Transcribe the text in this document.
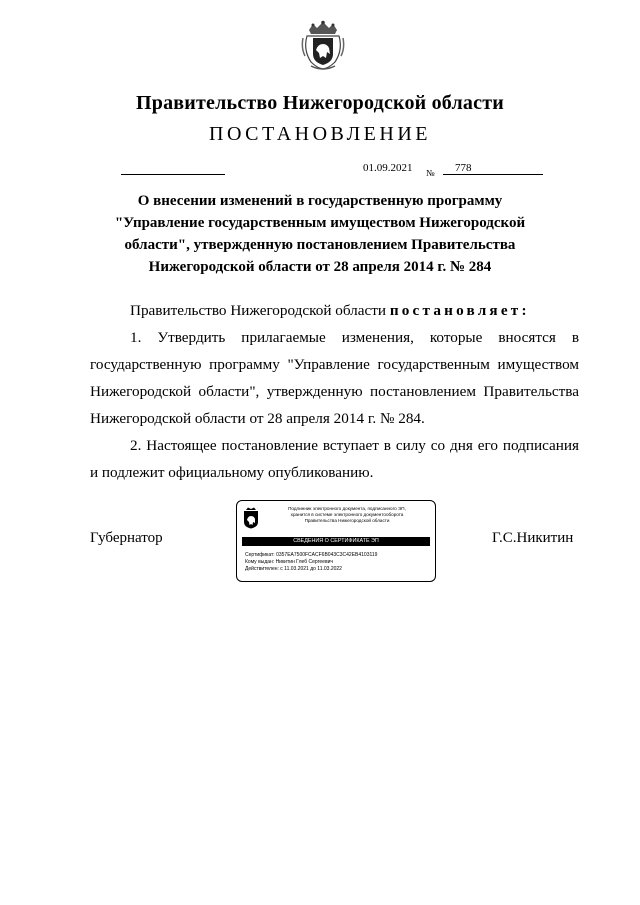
Правительство Нижегородской области
ПОСТАНОВЛЕНИЕ
01.09.2021 № 778
О внесении изменений в государственную программу
"Управление государственным имуществом Нижегородской
области", утвержденную постановлением Правительства
Нижегородской области от 28 апреля 2014 г. № 284

Правительство Нижегородской области постановляет:

1. Утвердить прилагаемые изменения, которые вносятся в государственную программу "Управление государственным имуществом Нижегородской области", утвержденную постановлением Правительства Нижегородской области от 28 апреля 2014 г. № 284.

2. Настоящее постановление вступает в силу со дня его подписания и подлежит официальному опубликованию.

Губернатор	Г.С.Никитин
Подлинник электронного документа, подписанного ЭП,
хранится в системе электронного документооборота
Правительства Нижегородской области
СВЕДЕНИЯ О СЕРТИФИКАТЕ ЭП
Сертификат: 0357EA7500FCACF6B043C3C42EB4103119
Кому выдан: Никитин Глеб Сергеевич
Действителен: с 11.03.2021 до 11.03.2022
